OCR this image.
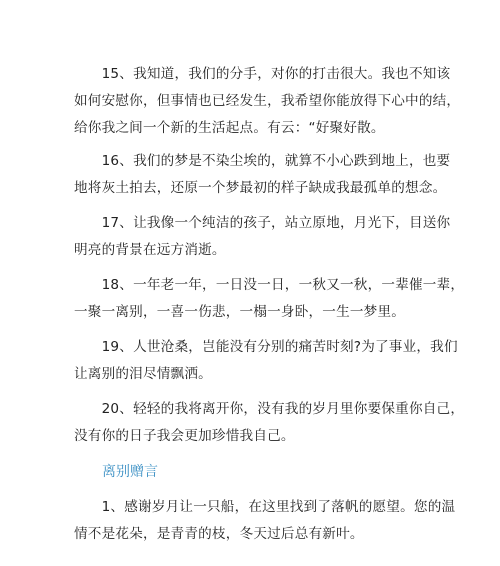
　　15、我知道，我们的分手，对你的打击很大。我也不知该
如何安慰你，但事情也已经发生，我希望你能放得下心中的结，
给你我之间一个新的生活起点。有云：“好聚好散。
　　16、我们的梦是不染尘埃的，就算不小心跌到地上，也要
地将灰土拍去，还原一个梦最初的样子缺成我最孤单的想念。
　　17、让我像一个纯洁的孩子，站立原地，月光下，目送你
明亮的背景在远方消逝。
　　18、一年老一年，一日没一日，一秋又一秋，一辈催一辈，
一聚一离别，一喜一伤悲，一榻一身卧，一生一梦里。
　　19、人世沧桑，岂能没有分别的痛苦时刻?为了事业，我们
让离别的泪尽情飘洒。
　　20、轻轻的我将离开你，没有我的岁月里你要保重你自己，
没有你的日子我会更加珍惜我自己。
离别赠言
　　1、感谢岁月让一只船，在这里找到了落帆的愿望。您的温
情不是花朵，是青青的枝，冬天过后总有新叶。
